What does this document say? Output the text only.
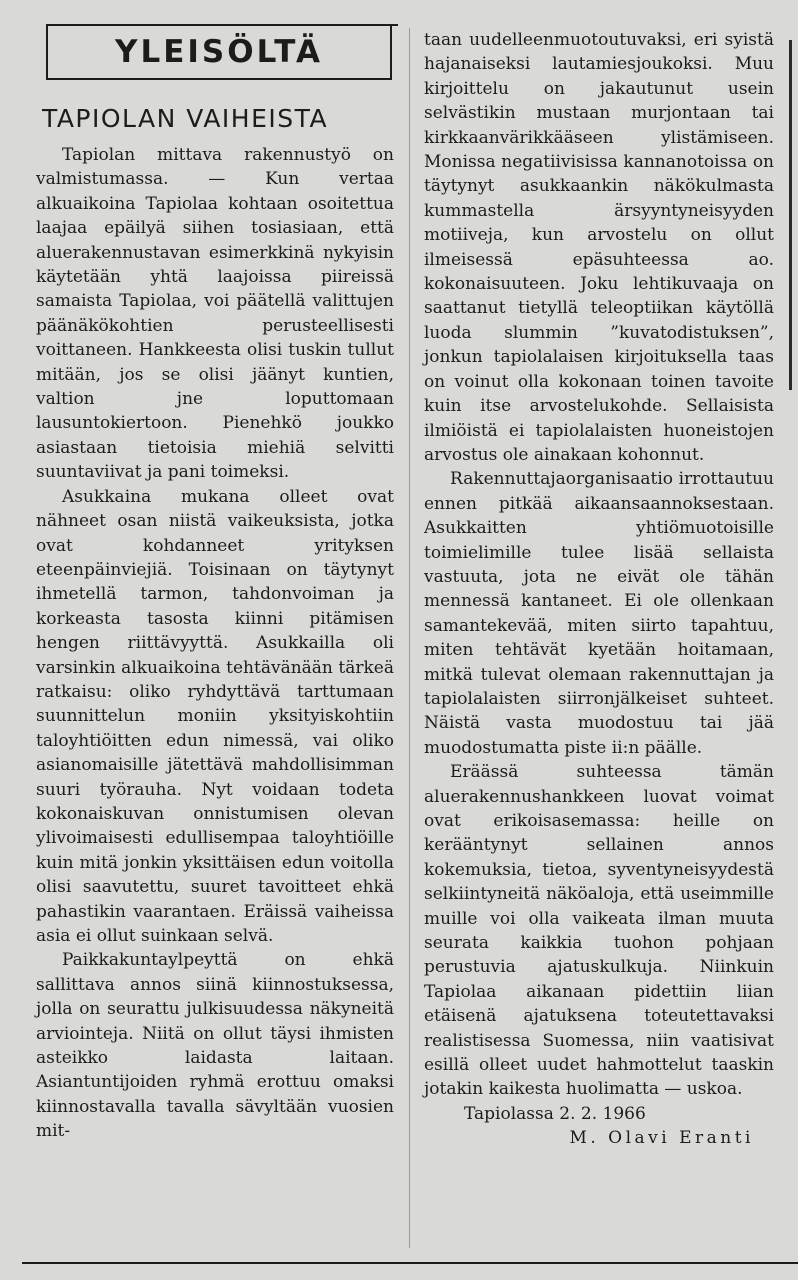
YLEISÖLTÄ
TAPIOLAN VAIHEISTA

Tapiolan mittava rakennustyö on valmistumassa. — Kun vertaa alkuaikoina Tapiolaa kohtaan osoitettua laajaa epäilyä siihen tosiasiaan, että aluerakennustavan esimerkkinä nykyisin käytetään yhtä laajoissa piireissä samaista Tapiolaa, voi päätellä valittujen päänäkökohtien perusteellisesti voittaneen. Hankkeesta olisi tuskin tullut mitään, jos se olisi jäänyt kuntien, valtion jne loputtomaan lausuntokiertoon. Pienehkö joukko asiastaan tietoisia miehiä selvitti suuntaviivat ja pani toimeksi.

Asukkaina mukana olleet ovat nähneet osan niistä vaikeuksista, jotka ovat kohdanneet yrityksen eteenpäinviejiä. Toisinaan on täytynyt ihmetellä tarmon, tahdonvoiman ja korkeasta tasosta kiinni pitämisen hengen riittävyyttä. Asukkailla oli varsinkin alkuaikoina tehtävänään tärkeä ratkaisu: oliko ryhdyttävä tarttumaan suunnittelun moniin yksityiskohtiin taloyhtiöitten edun nimessä, vai oliko asianomaisille jätettävä mahdollisimman suuri työrauha. Nyt voidaan todeta kokonaiskuvan onnistumisen olevan ylivoimaisesti edullisempaa taloyhtiöille kuin mitä jonkin yksittäisen edun voitolla olisi saavutettu, suuret tavoitteet ehkä pahastikin vaarantaen. Eräissä vaiheissa asia ei ollut suinkaan selvä.

Paikkakuntaylpeyttä on ehkä sallittava annos siinä kiinnostuksessa, jolla on seurattu julkisuudessa näkyneitä arviointeja. Niitä on ollut täysi ihmisten asteikko laidasta laitaan. Asiantuntijoiden ryhmä erottuu omaksi kiinnostavalla tavalla sävyltään vuosien mit-

taan uudelleenmuotoutuvaksi, eri syistä hajanaiseksi lautamiesjoukoksi. Muu kirjoittelu on jakautunut usein selvästikin mustaan murjontaan tai kirkkaanvärikkääseen ylistämiseen. Monissa negatiivisissa kannanotoissa on täytynyt asukkaankin näkökulmasta kummastella ärsyyntyneisyyden motiiveja, kun arvostelu on ollut ilmeisessä epäsuhteessa ao. kokonaisuuteen. Joku lehtikuvaaja on saattanut tietyllä teleoptiikan käytöllä luoda slummin ”kuvatodistuksen”, jonkun tapiolalaisen kirjoituksella taas on voinut olla kokonaan toinen tavoite kuin itse arvostelukohde. Sellaisista ilmiöistä ei tapiolalaisten huoneistojen arvostus ole ainakaan kohonnut.

Rakennuttajaorganisaatio irrottautuu ennen pitkää aikaansaannoksestaan. Asukkaitten yhtiömuotoisille toimielimille tulee lisää sellaista vastuuta, jota ne eivät ole tähän mennessä kantaneet. Ei ole ollenkaan samantekevää, miten siirto tapahtuu, miten tehtävät kyetään hoitamaan, mitkä tulevat olemaan rakennuttajan ja tapiolalaisten siirronjälkeiset suhteet. Näistä vasta muodostuu tai jää muodostumatta piste ii:n päälle.

Eräässä suhteessa tämän aluerakennushankkeen luovat voimat ovat erikoisasemassa: heille on kerääntynyt sellainen annos kokemuksia, tietoa, syventyneisyydestä selkiintyneitä näköaloja, että useimmille muille voi olla vaikeata ilman muuta seurata kaikkia tuohon pohjaan perustuvia ajatuskulkuja. Niinkuin Tapiolaa aikanaan pidettiin liian etäisenä ajatuksena toteutettavaksi realistisessa Suomessa, niin vaatisivat esillä olleet uudet hahmottelut taaskin jotakin kaikesta huolimatta — uskoa.

Tapiolassa 2. 2. 1966

M. Olavi Eranti
